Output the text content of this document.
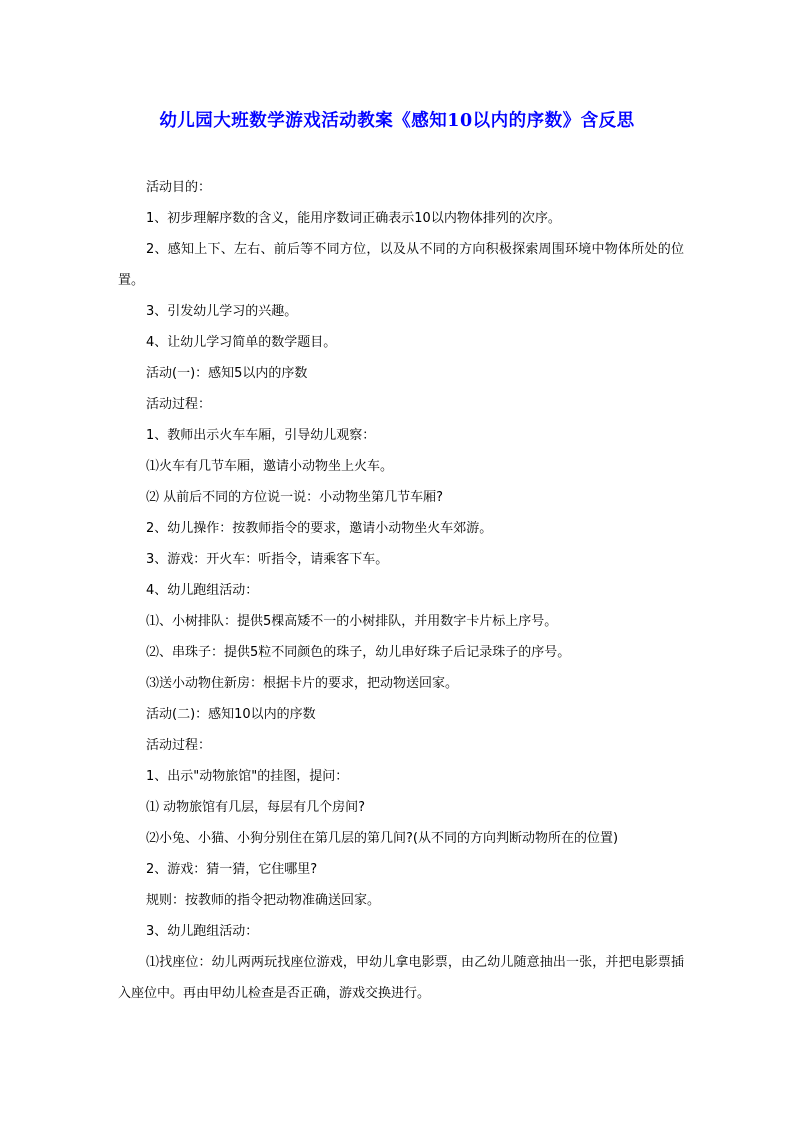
幼儿园大班数学游戏活动教案《感知10以内的序数》含反思

活动目的：

1、初步理解序数的含义，能用序数词正确表示10以内物体排列的次序。

2、感知上下、左右、前后等不同方位，以及从不同的方向积极探索周围环境中物体所处的位置。

3、引发幼儿学习的兴趣。

4、让幼儿学习简单的数学题目。

活动(一)：感知5以内的序数

活动过程：

1、教师出示火车车厢，引导幼儿观察：

⑴火车有几节车厢，邀请小动物坐上火车。

⑵ 从前后不同的方位说一说：小动物坐第几节车厢?

2、幼儿操作：按教师指令的要求，邀请小动物坐火车郊游。

3、游戏：开火车：听指令，请乘客下车。

4、幼儿跑组活动：

⑴、小树排队：提供5棵高矮不一的小树排队，并用数字卡片标上序号。

⑵、串珠子：提供5粒不同颜色的珠子，幼儿串好珠子后记录珠子的序号。

⑶送小动物住新房：根据卡片的要求，把动物送回家。

活动(二)：感知10以内的序数

活动过程：

1、出示"动物旅馆"的挂图，提问：

⑴ 动物旅馆有几层，每层有几个房间?

⑵小兔、小猫、小狗分别住在第几层的第几间?(从不同的方向判断动物所在的位置)

2、游戏：猜一猜，它住哪里?

规则：按教师的指令把动物准确送回家。

3、幼儿跑组活动：

⑴找座位：幼儿两两玩找座位游戏，甲幼儿拿电影票，由乙幼儿随意抽出一张，并把电影票插入座位中。再由甲幼儿检查是否正确，游戏交换进行。
